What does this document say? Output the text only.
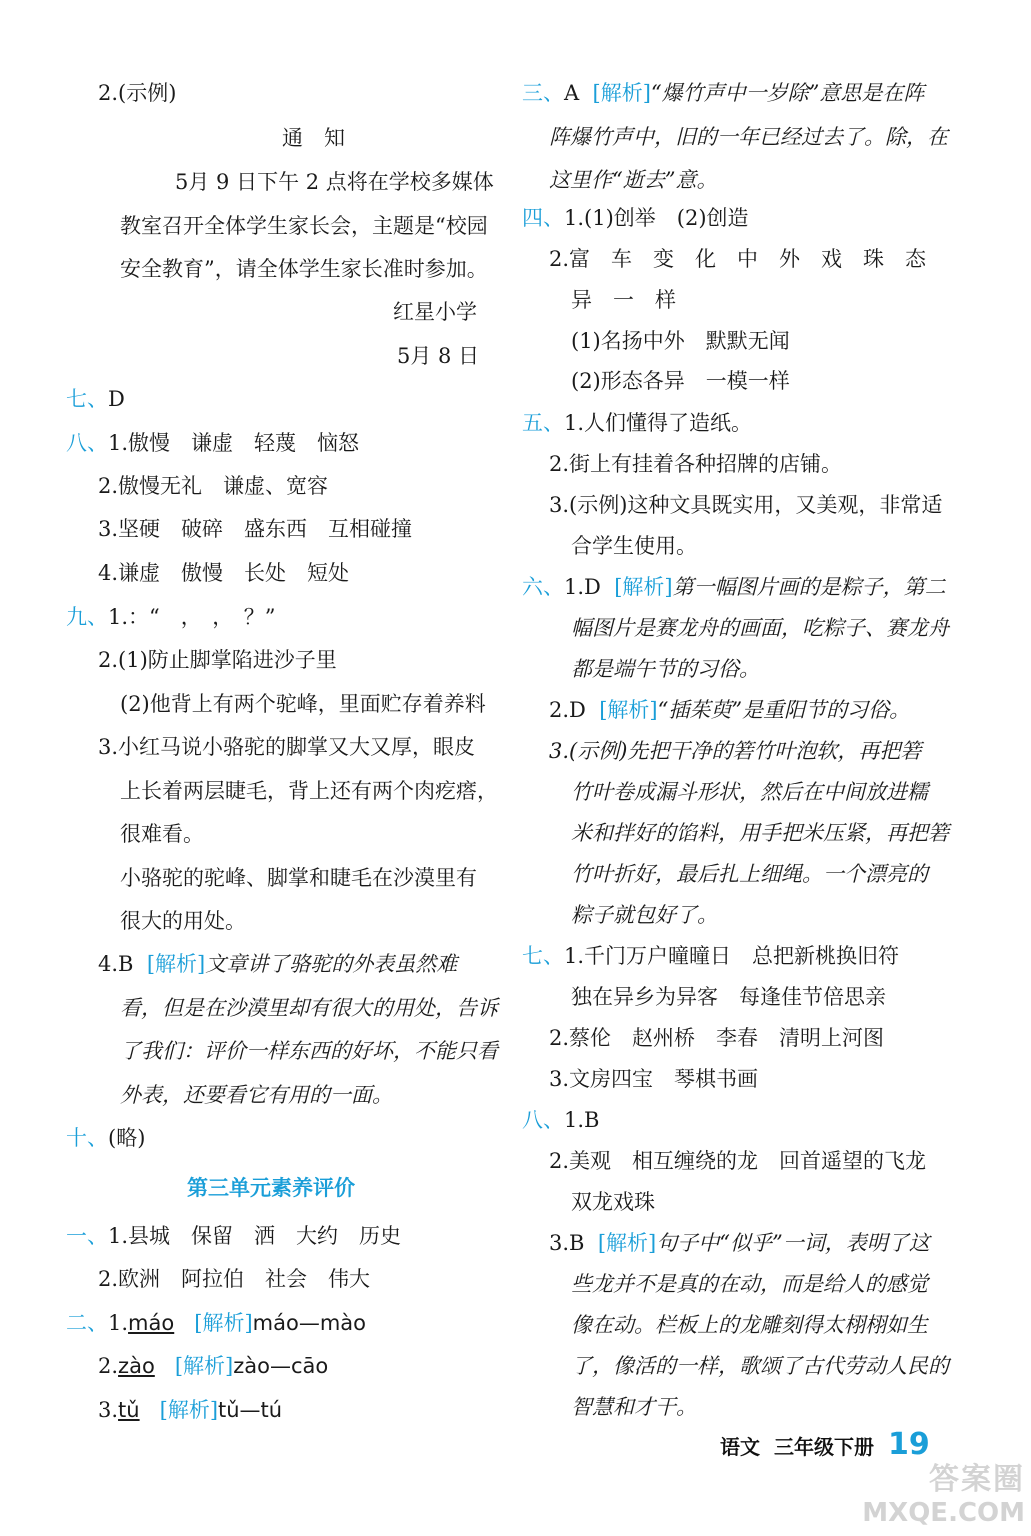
2.(示例)
通　知
5月 9 日下午 2 点将在学校多媒体
教室召开全体学生家长会，主题是“校园
安全教育”，请全体学生家长准时参加。
红星小学
5月 8 日
七、D
八、1.傲慢　谦虚　轻蔑　恼怒
2.傲慢无礼　谦虚、宽容
3.坚硬　破碎　盛东西　互相碰撞
4.谦虚　傲慢　长处　短处
九、1.：“　，　，　？”
2.(1)防止脚掌陷进沙子里
(2)他背上有两个驼峰，里面贮存着养料
3.小红马说小骆驼的脚掌又大又厚，眼皮
上长着两层睫毛，背上还有两个肉疙瘩，
很难看。
小骆驼的驼峰、脚掌和睫毛在沙漠里有
很大的用处。
4.B [解析]文章讲了骆驼的外表虽然难
看，但是在沙漠里却有很大的用处，告诉
了我们：评价一样东西的好坏，不能只看
外表，还要看它有用的一面。
十、(略)
第三单元素养评价
一、1.县城　保留　洒　大约　历史
2.欧洲　阿拉伯　社会　伟大
二、1.máo [解析]máo—mào
2.zào [解析]zào—cāo
3.tǔ [解析]tǔ—tú
三、A [解析]“爆竹声中一岁除”意思是在阵
阵爆竹声中，旧的一年已经过去了。除，在
这里作“逝去”意。
四、1.(1)创举　(2)创造
2.富　车　变　化　中　外　戏　珠　态
异　一　样
(1)名扬中外　默默无闻
(2)形态各异　一模一样
五、1.人们懂得了造纸。
2.街上有挂着各种招牌的店铺。
3.(示例)这种文具既实用，又美观，非常适
合学生使用。
六、1.D [解析]第一幅图片画的是粽子，第二
幅图片是赛龙舟的画面，吃粽子、赛龙舟
都是端午节的习俗。
2.D [解析]“插茱萸”是重阳节的习俗。
3.(示例)先把干净的箬竹叶泡软，再把箬
竹叶卷成漏斗形状，然后在中间放进糯
米和拌好的馅料，用手把米压紧，再把箬
竹叶折好，最后扎上细绳。一个漂亮的
粽子就包好了。
七、1.千门万户曈曈日　总把新桃换旧符
独在异乡为异客　每逢佳节倍思亲
2.蔡伦　赵州桥　李春　清明上河图
3.文房四宝　琴棋书画
八、1.B
2.美观　相互缠绕的龙　回首遥望的飞龙
双龙戏珠
3.B [解析]句子中“似乎”一词，表明了这
些龙并不是真的在动，而是给人的感觉
像在动。栏板上的龙雕刻得太栩栩如生
了，像活的一样，歌颂了古代劳动人民的
智慧和才干。
语文 三年级下册 19
答案圈
MXQE.COM
